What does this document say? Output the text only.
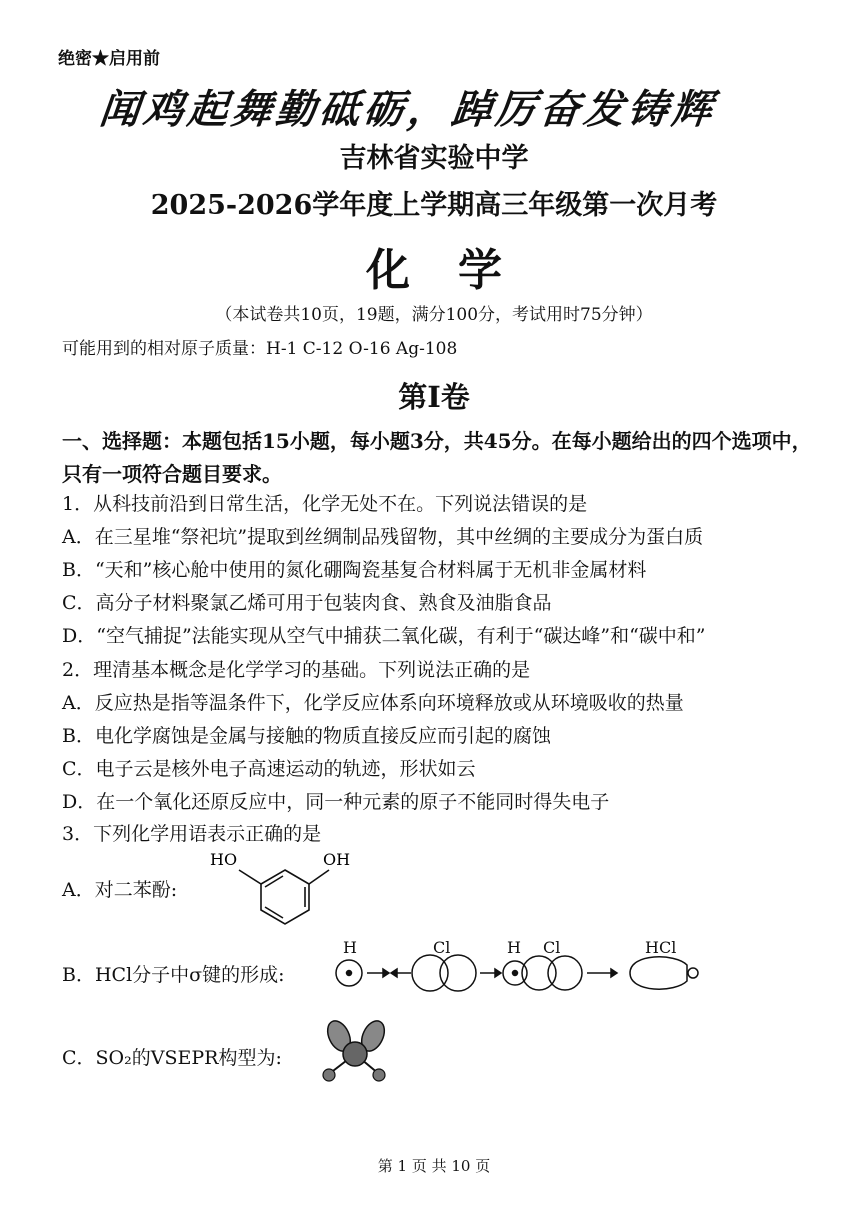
绝密★启用前
闻鸡起舞勤砥砺，踔厉奋发铸辉
吉林省实验中学
2025-2026学年度上学期高三年级第一次月考
化学
（本试卷共10页，19题，满分100分，考试用时75分钟）
可能用到的相对原子质量：H-1 C-12 O-16 Ag-108
第Ⅰ卷
一、选择题：本题包括15小题，每小题3分，共45分。在每小题给出的四个选项中，只有一项符合题目要求。
1．从科技前沿到日常生活，化学无处不在。下列说法错误的是
A．在三星堆“祭祀坑”提取到丝绸制品残留物，其中丝绸的主要成分为蛋白质
B．“天和”核心舱中使用的氮化硼陶瓷基复合材料属于无机非金属材料
C．高分子材料聚氯乙烯可用于包装肉食、熟食及油脂食品
D．“空气捕捉”法能实现从空气中捕获二氧化碳，有利于“碳达峰”和“碳中和”
2．理清基本概念是化学学习的基础。下列说法正确的是
A．反应热是指等温条件下，化学反应体系向环境释放或从环境吸收的热量
B．电化学腐蚀是金属与接触的物质直接反应而引起的腐蚀
C．电子云是核外电子高速运动的轨迹，形状如云
D．在一个氧化还原反应中，同一种元素的原子不能同时得失电子
3．下列化学用语表示正确的是
A．对二苯酚:
B．HCl分子中σ键的形成:
C．SO₂的VSEPR构型为:
HO	OH
H	Cl	H Cl	HCl
第 1 页 共 10 页
